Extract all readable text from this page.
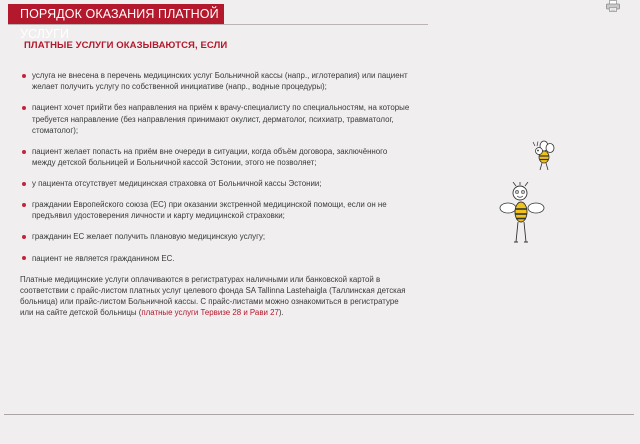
ПОРЯДОК ОКАЗАНИЯ ПЛАТНОЙ УСЛУГИ
ПЛАТНЫЕ УСЛУГИ ОКАЗЫВАЮТСЯ, ЕСЛИ
услуга не внесена в перечень медицинских услуг Больничной кассы (напр., иглотерапия) или пациент желает получить услугу по собственной инициативе (напр., водные процедуры);
пациент хочет прийти без направления на приём к врачу-специалисту по специальностям, на которые требуется направление (без направления принимают окулист, дерматолог, психиатр, травматолог, стоматолог);
пациент желает попасть на приём вне очереди в ситуации, когда объём договора, заключённого между детской больницей и Больничной кассой Эстонии, этого не позволяет;
у пациента отсутствует медицинская страховка от Больничной кассы Эстонии;
граждании Европейского союза (ЕС) при оказании экстренной медицинской помощи, если он не предъявил удостоверения личности и карту медицинской страховки;
гражданин ЕС желает получить плановую медицинскую услугу;
пациент не является гражданином ЕС.

Платные медицинские услуги оплачиваются в регистратурах наличными или банковской картой в соответствии с прайс-листом платных услуг целевого фонда SA Tallinna Lastehaigla (Таллинская детская больница) или прайс-листом Больничной кассы. С прайс-листами можно ознакомиться в регистратуре или на сайте детской больницы (платные услуги Тервизе 28 и Рави 27).
